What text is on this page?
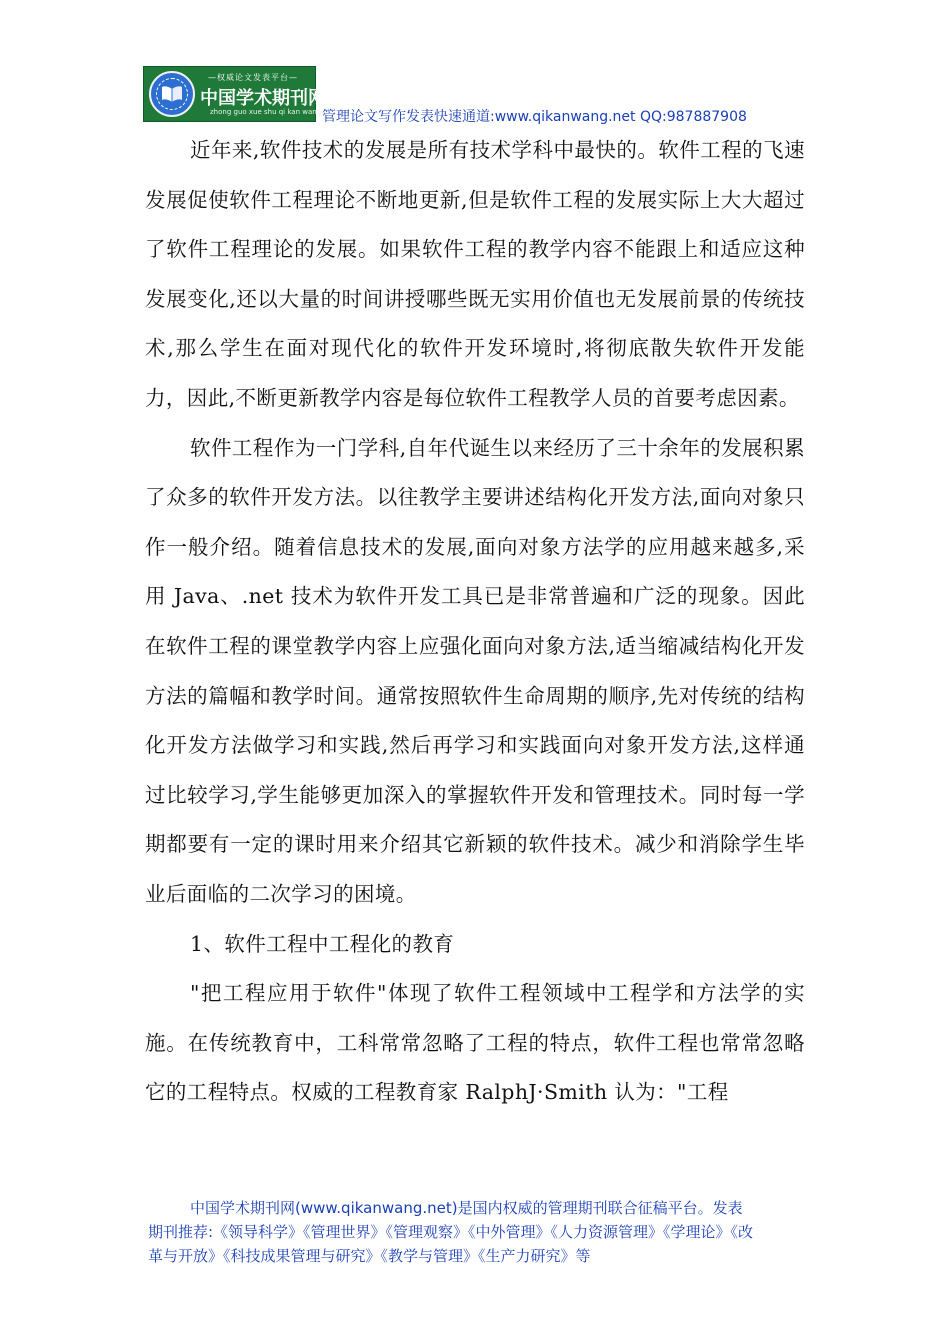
—权威论文发表平台—
中国学术期刊网
zhong guo xue shu qi kan wang 管理论文写作发表快速通道:www.qikanwang.net QQ:987887908

近年来,软件技术的发展是所有技术学科中最快的。软件工程的飞速发展促使软件工程理论不断地更新,但是软件工程的发展实际上大大超过了软件工程理论的发展。如果软件工程的教学内容不能跟上和适应这种发展变化,还以大量的时间讲授哪些既无实用价值也无发展前景的传统技术,那么学生在面对现代化的软件开发环境时,将彻底散失软件开发能力，因此,不断更新教学内容是每位软件工程教学人员的首要考虑因素。

软件工程作为一门学科,自年代诞生以来经历了三十余年的发展积累了众多的软件开发方法。以往教学主要讲述结构化开发方法,面向对象只作一般介绍。随着信息技术的发展,面向对象方法学的应用越来越多,采用 Java、.net 技术为软件开发工具已是非常普遍和广泛的现象。因此在软件工程的课堂教学内容上应强化面向对象方法,适当缩减结构化开发方法的篇幅和教学时间。通常按照软件生命周期的顺序,先对传统的结构化开发方法做学习和实践,然后再学习和实践面向对象开发方法,这样通过比较学习,学生能够更加深入的掌握软件开发和管理技术。同时每一学期都要有一定的课时用来介绍其它新颖的软件技术。减少和消除学生毕业后面临的二次学习的困境。

1、软件工程中工程化的教育

"把工程应用于软件"体现了软件工程领域中工程学和方法学的实施。在传统教育中，工科常常忽略了工程的特点，软件工程也常常忽略它的工程特点。权威的工程教育家 RalphJ·Smith 认为："工程

中国学术期刊网(www.qikanwang.net)是国内权威的管理期刊联合征稿平台。发表
期刊推荐:《领导科学》《管理世界》《管理观察》《中外管理》《人力资源管理》《学理论》《改
革与开放》《科技成果管理与研究》《教学与管理》《生产力研究》等
